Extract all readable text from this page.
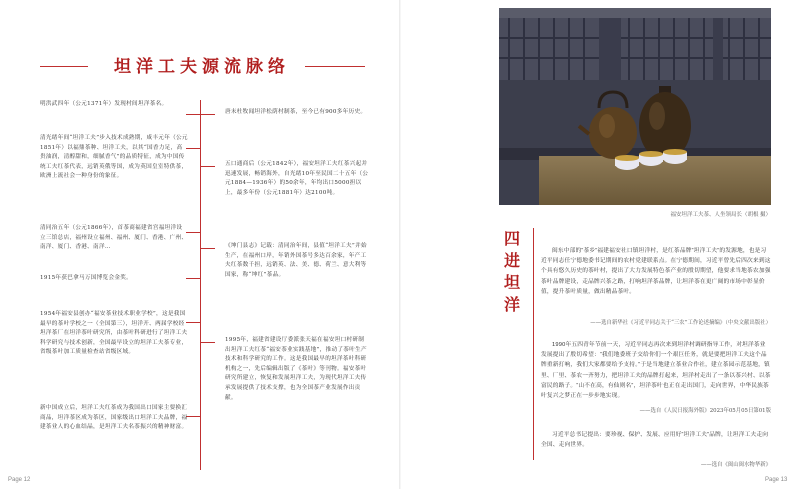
坦洋工夫源流脉络
明洪武四年（公元1371年）发现村间坦洋茶名。
清光绪年间“坦洋工夫”步入技术成熟期，咸丰元年（公元1851年）以福鼎茶种、坦洋工夫，以其“国香力足，高贵油润，清醇甜和，细腻香气”的品质特征，成为中国传统工夫红茶代表，远销英俄等国，成为英国皇室特供茶，欧洲上流社会一种身份的象征。
清同治五年（公元1866年），首茶商福建省宫福坦洋设立三馆总店，福州设立福州、福州、厦门、香港、广州、南洋、厦门、香港、南洋…
1915年获巴拿马万国博览会金奖。
1954年福安县创办“福安茶业技术职业学校”，这是我国最早的茶叶学校之一（全国第三），坦洋开、两届学校经坦洋茶厂在坦洋茶叶研究所，由茶叶科研进行了坦洋工夫科学研究与技术创新，全国最早设立的坦洋工夫茶专业，省级茶叶加工质量检查站省级区域。
新中国成立后，坦洋工夫红茶成为我国出口国家主要换汇商品，坦洋茶区成为茶区，国家级出口坦洋工夫品牌，福建茶业人的心血结晶，是坦洋工夫名茶振兴的精神财富。
唐末杜牧闻坦洋松荫村制茶，至今已有900多年历史。
五口通商后（公元1842年），福安坦洋工夫红茶兴起并迅速发展，畅销海外，自光绪10年至民国二十五年（公元1884—1936年）的50余年，年均出口5000担以上，最多年份（公元1881年）达2100吨。
《坤门县志》记载：清同治年间，县值“坦洋工夫”并始生产，在福州口岸，年销外国茶号多达百余家，年产工夫红茶数千担，远销英、法、美、德、荷兰、意大利等国家，称“坤红”茶品。
1995年，福建省建设厅委派张天福在福安坦口村研制出坦洋工夫红茶“福安茶业实践基地”，推动了茶叶生产技术和科学研究的工作。这是我国最早的坦洋茶叶科研机构之一，先后编辑出版了《茶叶》等刊物。福安茶叶研究所建立，恢复和发展坦洋工夫，为现代坦洋工夫传承发展提供了技术支撑，也为全国茶产业发展作出贡献。
Page 12
福安坦洋工夫茶、人坐领局长（胡根 摄）
四
进
坦
洋
闽东中部的“茶乡”福建福安社口镇坦洋村，是红茶品牌“坦洋工夫”的发源地，也是习近平同志任宁德地委书记期间的农村党建联系点。在宁德期间，习近平曾先后四次来到这个具有悠久历史的茶叶村，提出了大力发展特色茶产业的殷切期望，他要求当地茶农加强茶叶品牌建设，走品牌兴茶之路，打响坦洋茶品牌，让坦洋茶在更广阔的市场中彰显价值，提升茶叶质量，做出精品茶叶。
——选自新华社《习近平同志关于“三农”工作论述摘编》（中央文献出版社）
1990年五四青年节前一天，习近平同志再次来到坦洋村调研指导工作，对坦洋茶业发展提出了殷切希望：“我们地委班子交给你们一个艰巨任务，就是要把坦洋工夫这个品牌重新打响，我们大家都要给予支持。”于是当地建立茶业合作社，建立茶园示范基地，镇里、厂里、茶农一齐努力，把坦洋工夫的品牌打起来，坦洋村走出了一条以茶兴村、以茶富民的路子。“山不在高，有仙则名”，坦洋茶叶也正在走出国门，走向世界，中华民族茶叶复兴之梦正在一步步地实现。
——选自《人民日报海外版》2023年05月05日第01版
习近平总书记提出：要珍视、保护、发展、应用好“坦洋工夫”品牌，让坦洋工夫走向全国、走向世界。
——选自《闽山闽水物华新》
Page 13
